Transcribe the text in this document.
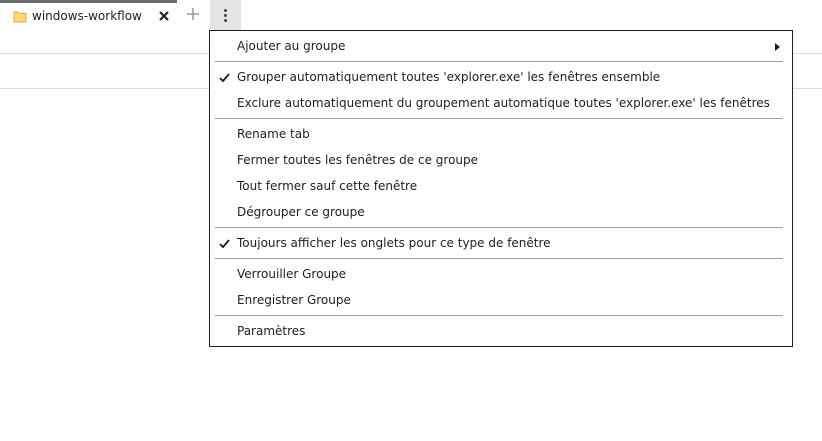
windows-workflow
Ajouter au groupe
Grouper automatiquement toutes 'explorer.exe' les fenêtres ensemble
Exclure automatiquement du groupement automatique toutes 'explorer.exe' les fenêtres
Rename tab
Fermer toutes les fenêtres de ce groupe
Tout fermer sauf cette fenêtre
Dégrouper ce groupe
Toujours afficher les onglets pour ce type de fenêtre
Verrouiller Groupe
Enregistrer Groupe
Paramètres
